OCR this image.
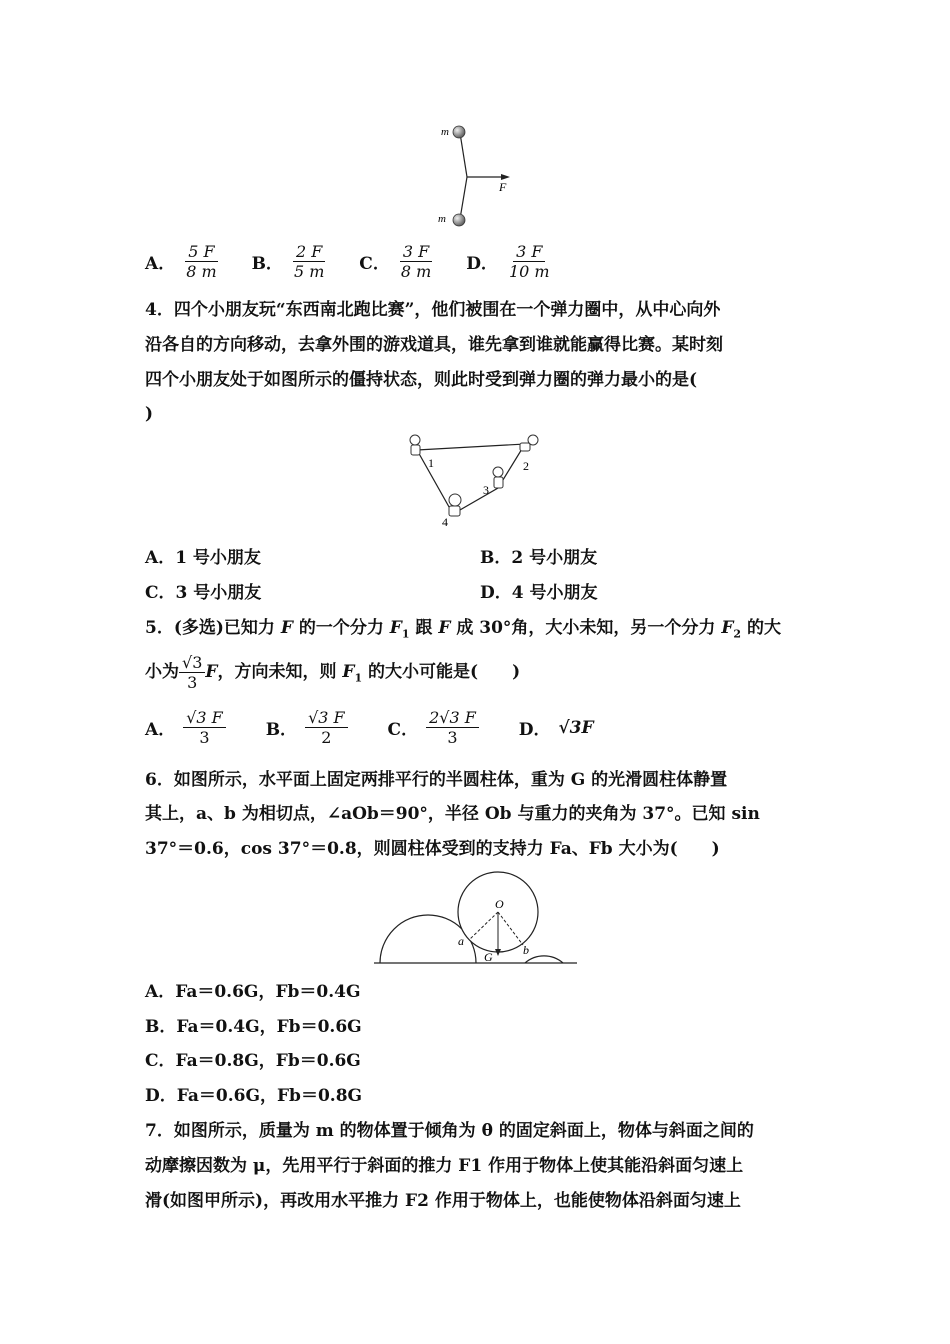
m
m
F
A． $\frac{5 F}{8 m}$
B． $\frac{2 F}{5 m}$
C． $\frac{3 F}{8 m}$
D． $\frac{3 F}{10 m}$
4．四个小朋友玩“东西南北跑比赛”，他们被围在一个弹力圈中，从中心向外
沿各自的方向移动，去拿外围的游戏道具，谁先拿到谁就能赢得比赛。某时刻
四个小朋友处于如图所示的僵持状态，则此时受到弹力圈的弹力最小的是(
)
1	2
3
4
A．1 号小朋友	B．2 号小朋友
C．3 号小朋友	D．4 号小朋友
5．(多选)已知力 F 的一个分力 $F_1$ 跟 F 成 30°角，大小未知，另一个分力 $F_2$ 的大
小为 $\frac{√3}{3}$ F，方向未知，则 $F_1$ 的大小可能是(　　)
A． $\frac{√3 F}{3}$
B． $\frac{√3 F}{2}$
C． $\frac{2√3 F}{3}$
D． √3F
6．如图所示，水平面上固定两排平行的半圆柱体，重为 G 的光滑圆柱体静置
其上，a、b 为相切点，∠aOb＝90°，半径 Ob 与重力的夹角为 37°。已知 sin
37°＝0.6，cos 37°＝0.8，则圆柱体受到的支持力 Fa、Fb 大小为(　　)
O
a
b
G
A．Fa＝0.6G，Fb＝0.4G
B．Fa＝0.4G，Fb＝0.6G
C．Fa＝0.8G，Fb＝0.6G
D．Fa＝0.6G，Fb＝0.8G
7．如图所示，质量为 m 的物体置于倾角为 θ 的固定斜面上，物体与斜面之间的
动摩擦因数为 μ，先用平行于斜面的推力 F1 作用于物体上使其能沿斜面匀速上
滑(如图甲所示)，再改用水平推力 F2 作用于物体上，也能使物体沿斜面匀速上
